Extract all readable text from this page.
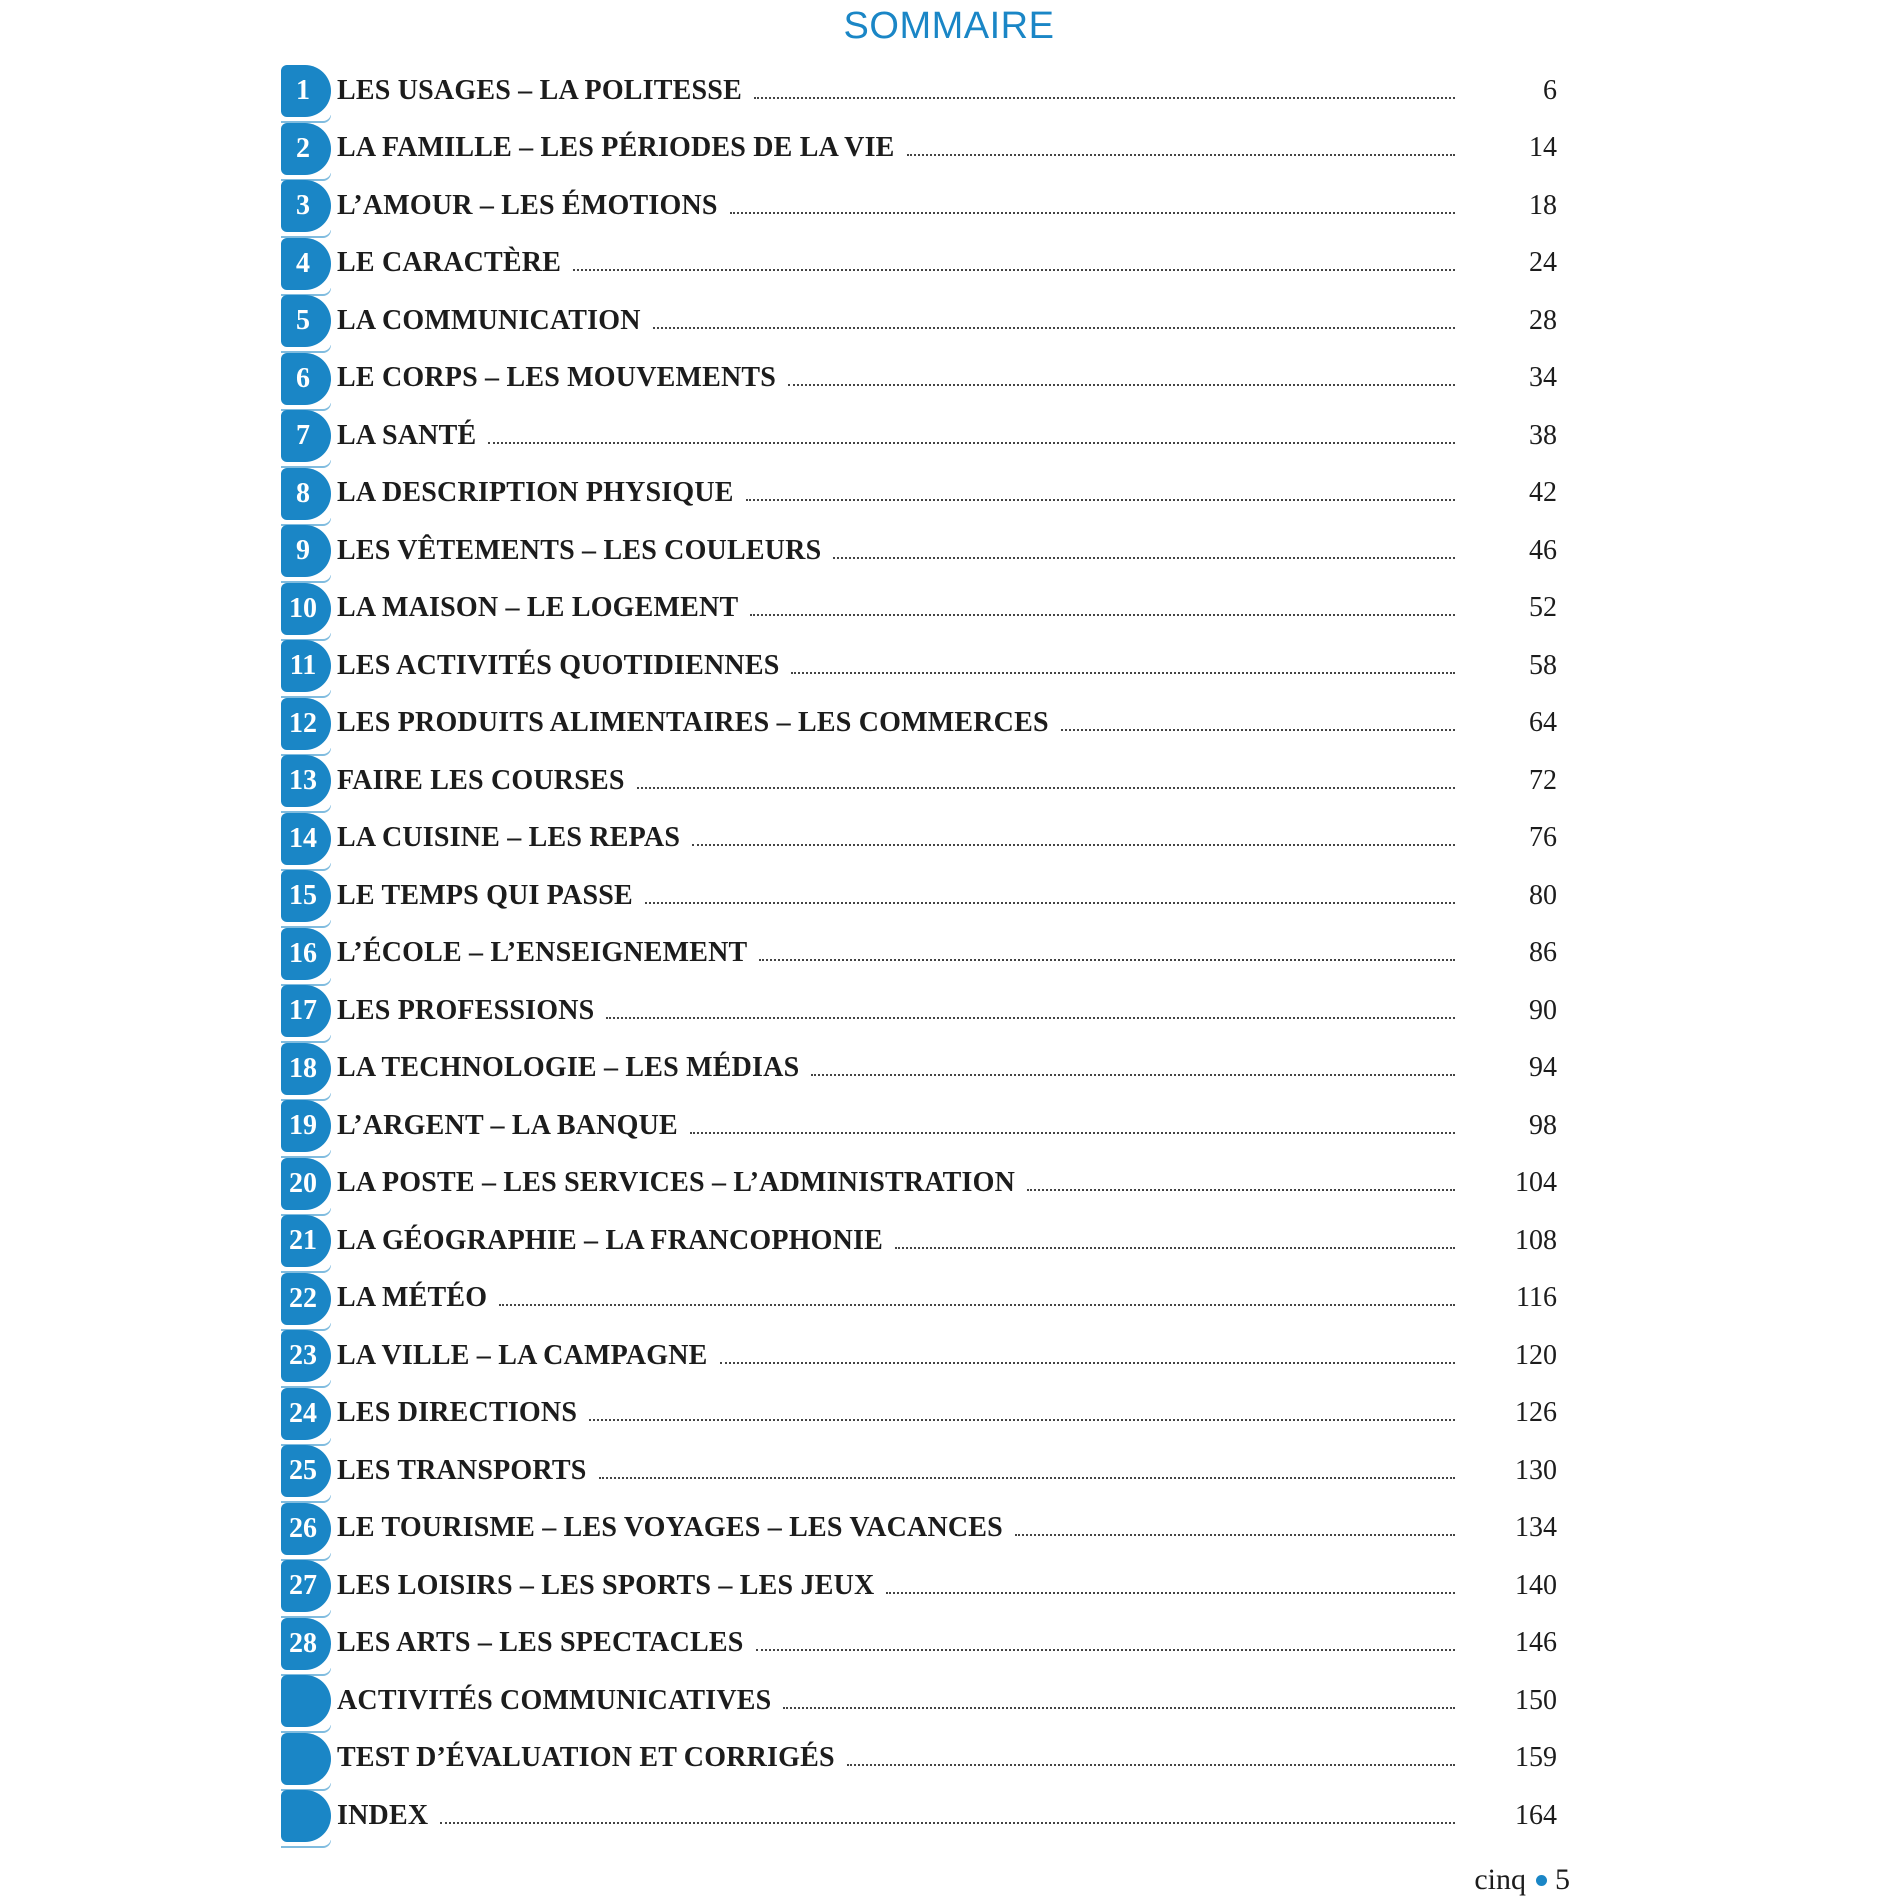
SOMMAIRE
1 LES USAGES – LA POLITESSE	6
2 LA FAMILLE – LES PÉRIODES DE LA VIE	14
3 L’AMOUR – LES ÉMOTIONS	18
4 LE CARACTÈRE	24
5 LA COMMUNICATION	28
6 LE CORPS – LES MOUVEMENTS	34
7 LA SANTÉ	38
8 LA DESCRIPTION PHYSIQUE	42
9 LES VÊTEMENTS – LES COULEURS	46
10 LA MAISON – LE LOGEMENT	52
11 LES ACTIVITÉS QUOTIDIENNES	58
12 LES PRODUITS ALIMENTAIRES – LES COMMERCES	64
13 FAIRE LES COURSES	72
14 LA CUISINE – LES REPAS	76
15 LE TEMPS QUI PASSE	80
16 L’ÉCOLE – L’ENSEIGNEMENT	86
17 LES PROFESSIONS	90
18 LA TECHNOLOGIE – LES MÉDIAS	94
19 L’ARGENT – LA BANQUE	98
20 LA POSTE – LES SERVICES – L’ADMINISTRATION	104
21 LA GÉOGRAPHIE – LA FRANCOPHONIE	108
22 LA MÉTÉO	116
23 LA VILLE – LA CAMPAGNE	120
24 LES DIRECTIONS	126
25 LES TRANSPORTS	130
26 LE TOURISME – LES VOYAGES – LES VACANCES	134
27 LES LOISIRS – LES SPORTS – LES JEUX	140
28 LES ARTS – LES SPECTACLES	146
ACTIVITÉS COMMUNICATIVES	150
TEST D’ÉVALUATION ET CORRIGÉS	159
INDEX	164
cinq 5
